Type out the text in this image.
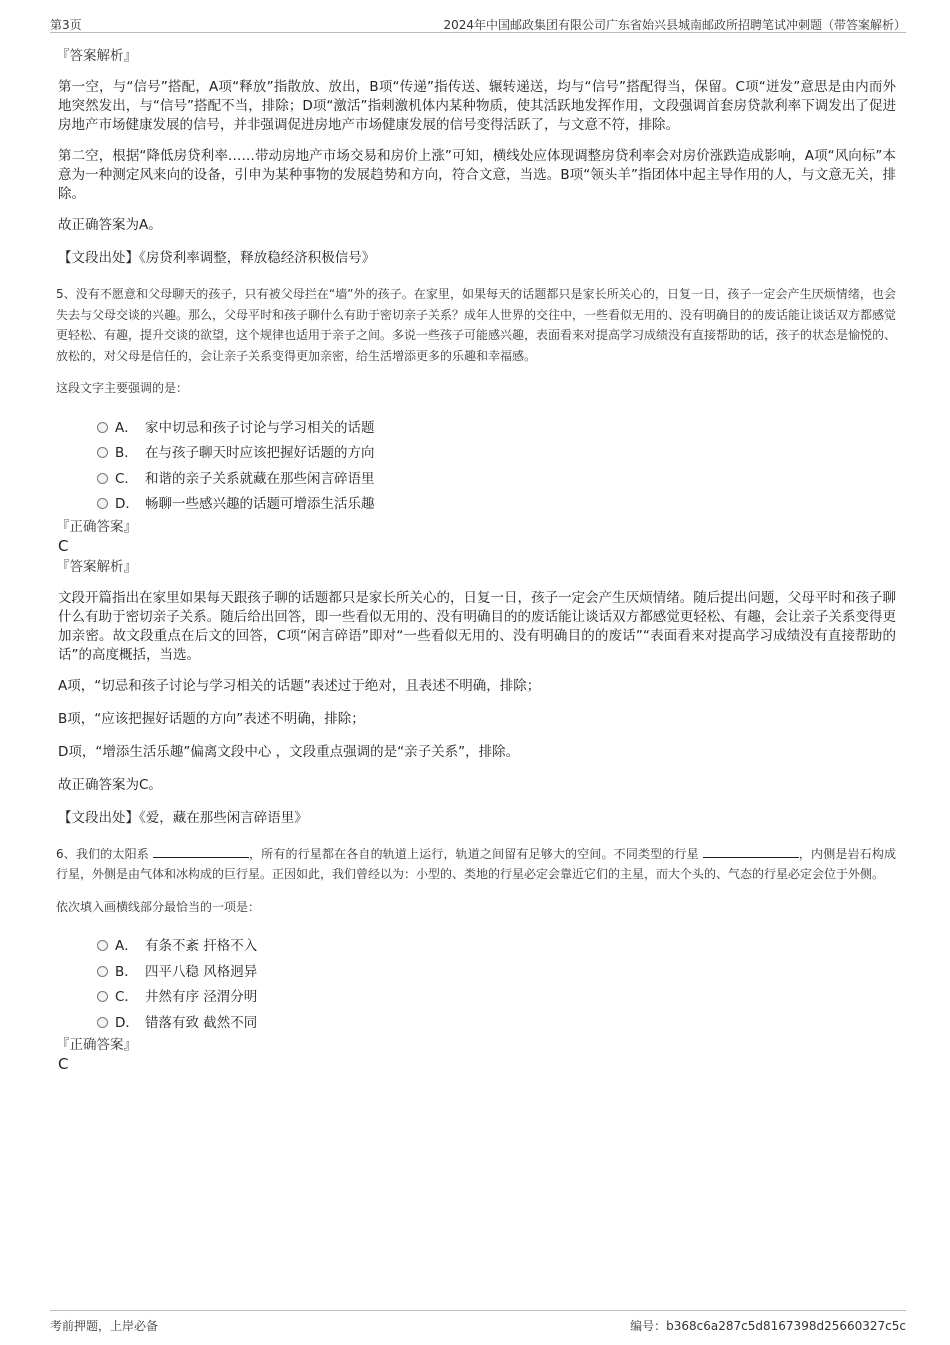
第3页	2024年中国邮政集团有限公司广东省始兴县城南邮政所招聘笔试冲刺题（带答案解析）

『答案解析』

第一空，与“信号”搭配，A项“释放”指散放、放出，B项“传递”指传送、辗转递送，均与“信号”搭配得当，保留。C项“迸发”意思是由内而外地突然发出，与“信号”搭配不当，排除；D项“激活”指刺激机体内某种物质，使其活跃地发挥作用，文段强调首套房贷款利率下调发出了促进房地产市场健康发展的信号，并非强调促进房地产市场健康发展的信号变得活跃了，与文意不符，排除。

第二空，根据“降低房贷利率……带动房地产市场交易和房价上涨”可知，横线处应体现调整房贷利率会对房价涨跌造成影响，A项“风向标”本意为一种测定风来向的设备，引申为某种事物的发展趋势和方向，符合文意，当选。B项“领头羊”指团体中起主导作用的人，与文意无关，排除。

故正确答案为A。

【文段出处】《房贷利率调整，释放稳经济积极信号》

5、没有不愿意和父母聊天的孩子，只有被父母拦在“墙”外的孩子。在家里，如果每天的话题都只是家长所关心的，日复一日，孩子一定会产生厌烦情绪，也会失去与父母交谈的兴趣。那么，父母平时和孩子聊什么有助于密切亲子关系？成年人世界的交往中，一些看似无用的、没有明确目的的废话能让谈话双方都感觉更轻松、有趣，提升交谈的欲望，这个规律也适用于亲子之间。多说一些孩子可能感兴趣，表面看来对提高学习成绩没有直接帮助的话，孩子的状态是愉悦的、放松的，对父母是信任的，会让亲子关系变得更加亲密，给生活增添更多的乐趣和幸福感。

这段文字主要强调的是：

A． 家中切忌和孩子讨论与学习相关的话题
B． 在与孩子聊天时应该把握好话题的方向
C． 和谐的亲子关系就藏在那些闲言碎语里
D． 畅聊一些感兴趣的话题可增添生活乐趣

『正确答案』

C

『答案解析』

文段开篇指出在家里如果每天跟孩子聊的话题都只是家长所关心的，日复一日，孩子一定会产生厌烦情绪。随后提出问题，父母平时和孩子聊什么有助于密切亲子关系。随后给出回答，即一些看似无用的、没有明确目的的废话能让谈话双方都感觉更轻松、有趣，会让亲子关系变得更加亲密。故文段重点在后文的回答，C项“闲言碎语”即对“一些看似无用的、没有明确目的的废话”“表面看来对提高学习成绩没有直接帮助的话”的高度概括，当选。

A项，“切忌和孩子讨论与学习相关的话题”表述过于绝对，且表述不明确，排除；

B项，“应该把握好话题的方向”表述不明确，排除；

D项，“增添生活乐趣”偏离文段中心 ，文段重点强调的是“亲子关系”，排除。

故正确答案为C。

【文段出处】《爱，藏在那些闲言碎语里》

6、我们的太阳系	，所有的行星都在各自的轨道上运行，轨道之间留有足够大的空间。不同类型的行星	，内侧是岩石构成行星，外侧是由气体和冰构成的巨行星。正因如此，我们曾经以为：小型的、类地的行星必定会靠近它们的主星，而大个头的、气态的行星必定会位于外侧。

依次填入画横线部分最恰当的一项是：

A． 有条不紊 扞格不入
B． 四平八稳 风格迥异
C． 井然有序 泾渭分明
D． 错落有致 截然不同

『正确答案』

C

考前押题，上岸必备	编号：b368c6a287c5d8167398d25660327c5c
